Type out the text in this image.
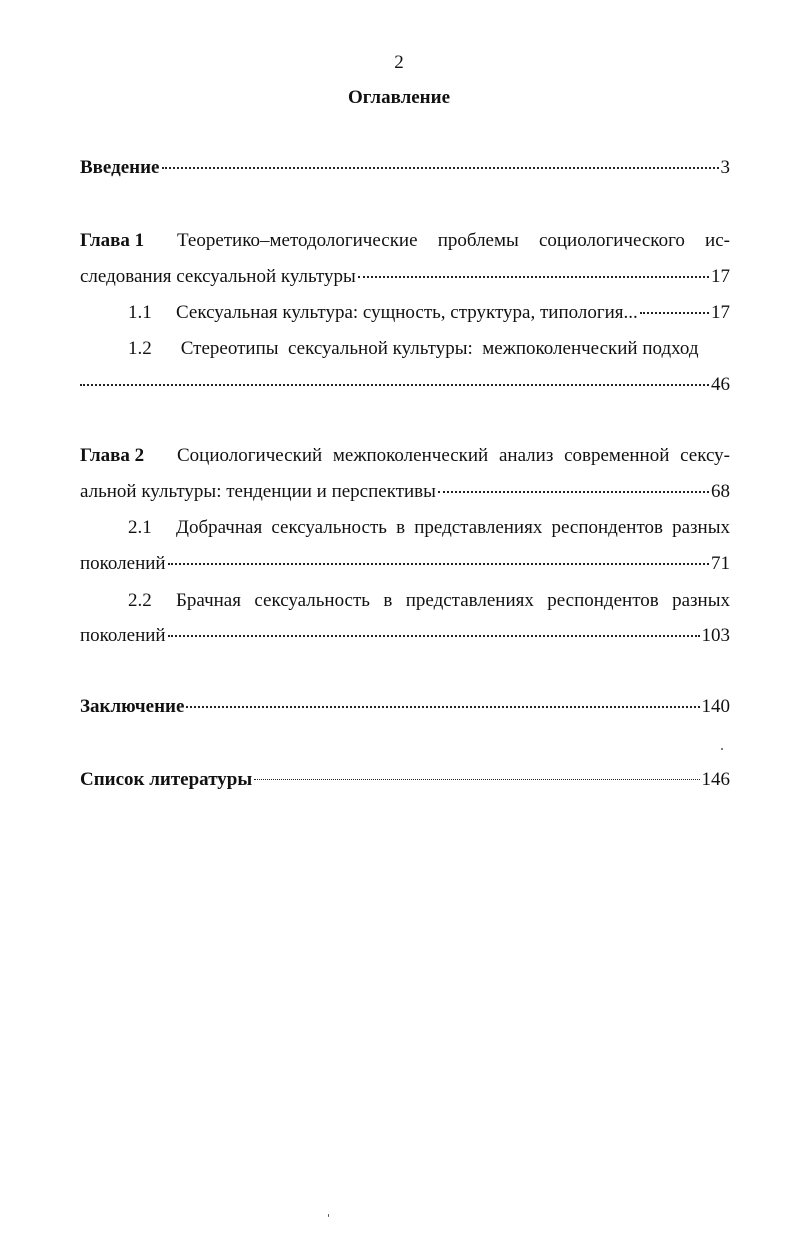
2
Оглавление
Введение	3
Глава 1	Теоретико–методологические проблемы социологического ис-
следования сексуальной культуры	17
1.1	Сексуальная культура: сущность, структура, типология...	17
1.2 Стереотипы  сексуальной культуры:  межпоколенческий подход
46
Глава 2	Социологический межпоколенческий анализ современной сексу-
альной культуры: тенденции и перспективы	68
2.1	Добрачная сексуальность в представлениях респондентов разных
поколений	71
2.2	Брачная сексуальность в представлениях респондентов разных
поколений	103
Заключение	140
Список литературы	146
